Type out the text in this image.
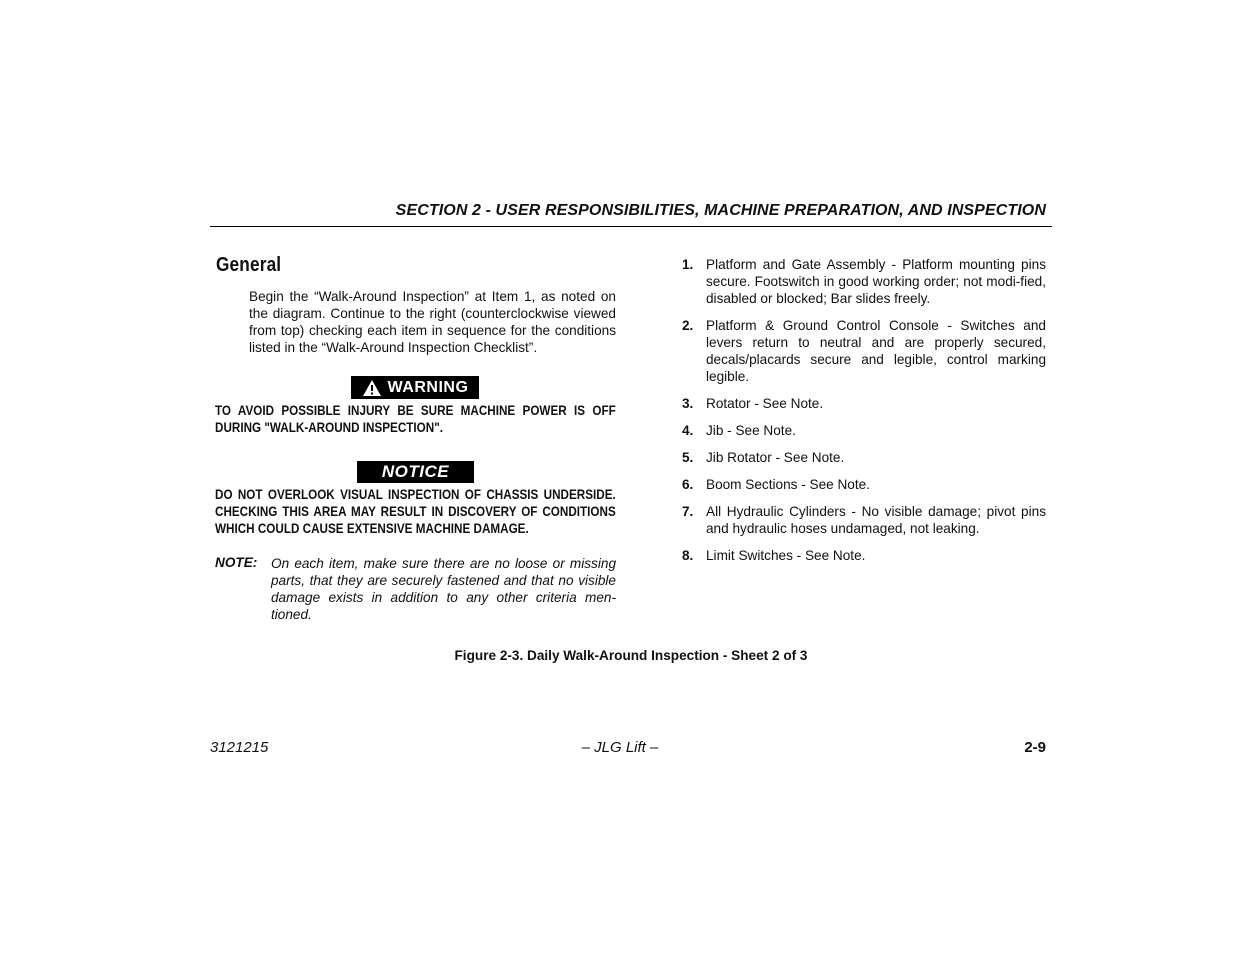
SECTION 2 - USER RESPONSIBILITIES, MACHINE PREPARATION, AND INSPECTION
General
Begin the “Walk-Around Inspection” at Item 1, as noted on the diagram. Continue to the right (counterclockwise viewed from top) checking each item in sequence for the conditions listed in the “Walk-Around Inspection Checklist”.
WARNING
TO AVOID POSSIBLE INJURY BE SURE MACHINE POWER IS OFF DURING "WALK-AROUND INSPECTION".
NOTICE
DO NOT OVERLOOK VISUAL INSPECTION OF CHASSIS UNDERSIDE. CHECKING THIS AREA MAY RESULT IN DISCOVERY OF CONDITIONS WHICH COULD CAUSE EXTENSIVE MACHINE DAMAGE.
NOTE: On each item, make sure there are no loose or missing parts, that they are securely fastened and that no visible damage exists in addition to any other criteria men-tioned.
1. Platform and Gate Assembly - Platform mounting pins secure. Footswitch in good working order; not modi-fied, disabled or blocked; Bar slides freely.
2. Platform & Ground Control Console - Switches and levers return to neutral and are properly secured, decals/placards secure and legible, control marking legible.
3. Rotator - See Note.
4. Jib - See Note.
5. Jib Rotator - See Note.
6. Boom Sections - See Note.
7. All Hydraulic Cylinders - No visible damage; pivot pins and hydraulic hoses undamaged, not leaking.
8. Limit Switches - See Note.
Figure 2-3. Daily Walk-Around Inspection - Sheet 2 of 3
3121215	– JLG Lift –	2-9
